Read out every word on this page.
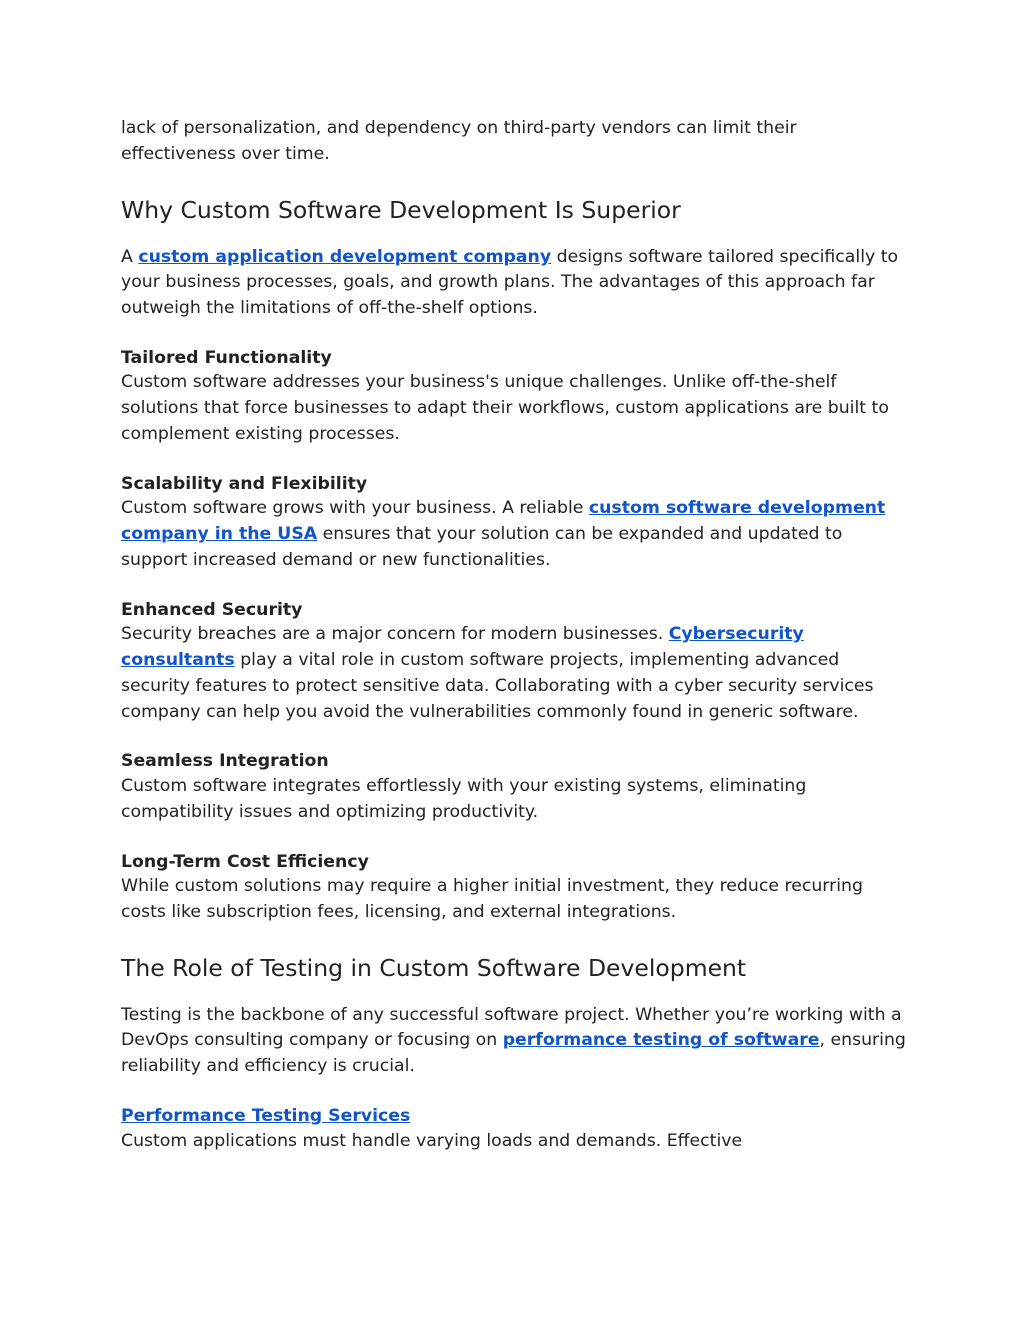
lack of personalization, and dependency on third-party vendors can limit their effectiveness over time.

Why Custom Software Development Is Superior

A custom application development company designs software tailored specifically to your business processes, goals, and growth plans. The advantages of this approach far outweigh the limitations of off-the-shelf options.

Tailored Functionality

Custom software addresses your business's unique challenges. Unlike off-the-shelf solutions that force businesses to adapt their workflows, custom applications are built to complement existing processes.

Scalability and Flexibility

Custom software grows with your business. A reliable custom software development company in the USA ensures that your solution can be expanded and updated to support increased demand or new functionalities.

Enhanced Security

Security breaches are a major concern for modern businesses. Cybersecurity consultants play a vital role in custom software projects, implementing advanced security features to protect sensitive data. Collaborating with a cyber security services company can help you avoid the vulnerabilities commonly found in generic software.

Seamless Integration

Custom software integrates effortlessly with your existing systems, eliminating compatibility issues and optimizing productivity.

Long-Term Cost Efficiency

While custom solutions may require a higher initial investment, they reduce recurring costs like subscription fees, licensing, and external integrations.

The Role of Testing in Custom Software Development

Testing is the backbone of any successful software project. Whether you’re working with a DevOps consulting company or focusing on performance testing of software, ensuring reliability and efficiency is crucial.

Performance Testing Services

Custom applications must handle varying loads and demands. Effective
